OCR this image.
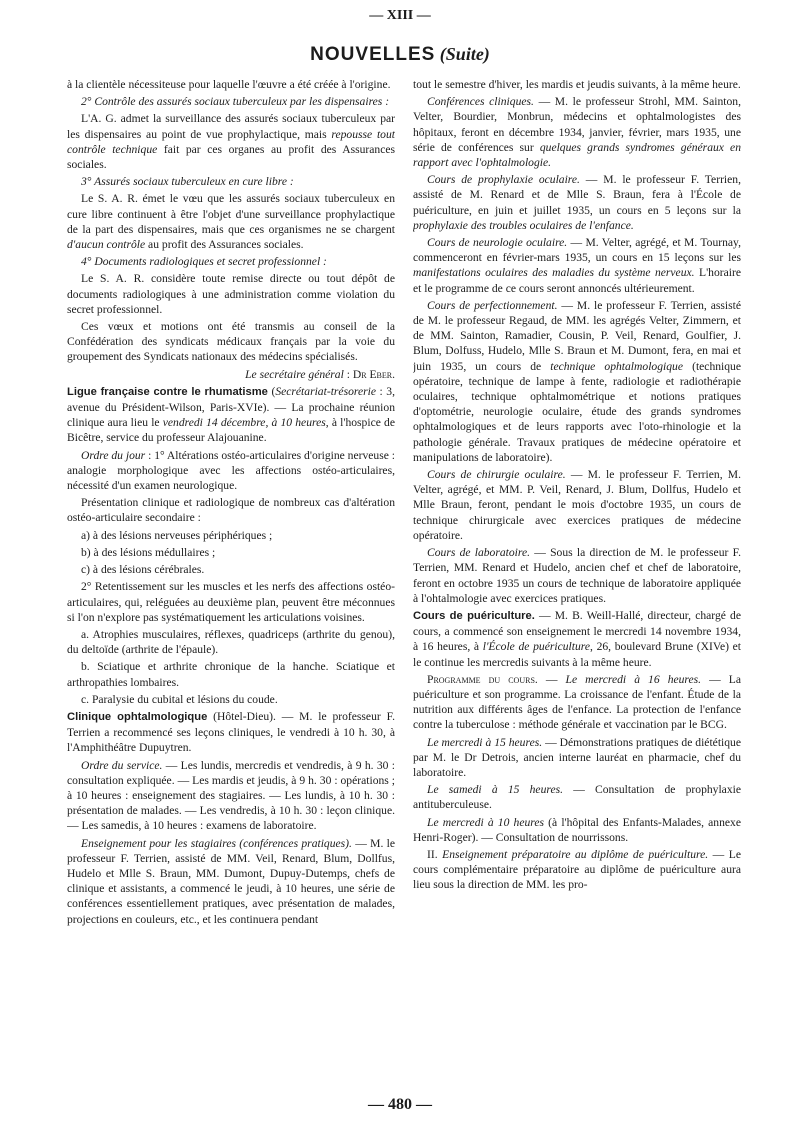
— XIII —
NOUVELLES (Suite)

à la clientèle nécessiteuse pour laquelle l'œuvre a été créée à l'origine.

2° Contrôle des assurés sociaux tuberculeux par les dispensaires :

L'A. G. admet la surveillance des assurés sociaux tuberculeux par les dispensaires au point de vue prophylactique, mais repousse tout contrôle technique fait par ces organes au profit des Assurances sociales.

3° Assurés sociaux tuberculeux en cure libre :

Le S. A. R. émet le vœu que les assurés sociaux tuberculeux en cure libre continuent à être l'objet d'une surveillance prophylactique de la part des dispensaires, mais que ces organismes ne se chargent d'aucun contrôle au profit des Assurances sociales.

4° Documents radiologiques et secret professionnel :

Le S. A. R. considère toute remise directe ou tout dépôt de documents radiologiques à une administration comme violation du secret professionnel.

Ces vœux et motions ont été transmis au conseil de la Confédération des syndicats médicaux français par la voie du groupement des Syndicats nationaux des médecins spécialisés.

Le secrétaire général : Dr Eber.

Ligue française contre le rhumatisme (Secrétariat-trésorerie : 3, avenue du Président-Wilson, Paris-XVIe). — La prochaine réunion clinique aura lieu le vendredi 14 décembre, à 10 heures, à l'hospice de Bicêtre, service du professeur Alajouanine.

Ordre du jour : 1° Altérations ostéo-articulaires d'origine nerveuse : analogie morphologique avec les affections ostéo-articulaires, nécessité d'un examen neurologique.

Présentation clinique et radiologique de nombreux cas d'altération ostéo-articulaire secondaire :

a) à des lésions nerveuses périphériques ;

b) à des lésions médullaires ;

c) à des lésions cérébrales.

2° Retentissement sur les muscles et les nerfs des affections ostéo-articulaires, qui, reléguées au deuxième plan, peuvent être méconnues si l'on n'explore pas systématiquement les articulations voisines.

a. Atrophies musculaires, réflexes, quadriceps (arthrite du genou), du deltoïde (arthrite de l'épaule).

b. Sciatique et arthrite chronique de la hanche. Sciatique et arthropathies lombaires.

c. Paralysie du cubital et lésions du coude.

Clinique ophtalmologique (Hôtel-Dieu). — M. le professeur F. Terrien a recommencé ses leçons cliniques, le vendredi à 10 h. 30, à l'Amphithéâtre Dupuytren.

Ordre du service. — Les lundis, mercredis et vendredis, à 9 h. 30 : consultation expliquée. — Les mardis et jeudis, à 9 h. 30 : opérations ; à 10 heures : enseignement des stagiaires. — Les lundis, à 10 h. 30 : présentation de malades. — Les vendredis, à 10 h. 30 : leçon clinique. — Les samedis, à 10 heures : examens de laboratoire.

Enseignement pour les stagiaires (conférences pratiques). — M. le professeur F. Terrien, assisté de MM. Veil, Renard, Blum, Dollfus, Hudelo et Mlle S. Braun, MM. Dumont, Dupuy-Dutemps, chefs de clinique et assistants, a commencé le jeudi, à 10 heures, une série de conférences essentiellement pratiques, avec présentation de malades, projections en couleurs, etc., et les continuera pendant

tout le semestre d'hiver, les mardis et jeudis suivants, à la même heure.

Conférences cliniques. — M. le professeur Strohl, MM. Sainton, Velter, Bourdier, Monbrun, médecins et ophtalmologistes des hôpitaux, feront en décembre 1934, janvier, février, mars 1935, une série de conférences sur quelques grands syndromes généraux en rapport avec l'ophtalmologie.

Cours de prophylaxie oculaire. — M. le professeur F. Terrien, assisté de M. Renard et de Mlle S. Braun, fera à l'École de puériculture, en juin et juillet 1935, un cours en 5 leçons sur la prophylaxie des troubles oculaires de l'enfance.

Cours de neurologie oculaire. — M. Velter, agrégé, et M. Tournay, commenceront en février-mars 1935, un cours en 15 leçons sur les manifestations oculaires des maladies du système nerveux. L'horaire et le programme de ce cours seront annoncés ultérieurement.

Cours de perfectionnement. — M. le professeur F. Terrien, assisté de M. le professeur Regaud, de MM. les agrégés Velter, Zimmern, et de MM. Sainton, Ramadier, Cousin, P. Veil, Renard, Goulfier, J. Blum, Dolfuss, Hudelo, Mlle S. Braun et M. Dumont, fera, en mai et juin 1935, un cours de technique ophtalmologique (technique opératoire, technique de lampe à fente, radiologie et radiothérapie oculaires, technique ophtalmométrique et notions pratiques d'optométrie, neurologie oculaire, étude des grands syndromes ophtalmologiques et de leurs rapports avec l'oto-rhinologie et la pathologie générale. Travaux pratiques de médecine opératoire et manipulations de laboratoire).

Cours de chirurgie oculaire. — M. le professeur F. Terrien, M. Velter, agrégé, et MM. P. Veil, Renard, J. Blum, Dollfus, Hudelo et Mlle Braun, feront, pendant le mois d'octobre 1935, un cours de technique chirurgicale avec exercices pratiques de médecine opératoire.

Cours de laboratoire. — Sous la direction de M. le professeur F. Terrien, MM. Renard et Hudelo, ancien chef et chef de laboratoire, feront en octobre 1935 un cours de technique de laboratoire appliquée à l'ohtalmologie avec exercices pratiques.

Cours de puériculture. — M. B. Weill-Hallé, directeur, chargé de cours, a commencé son enseignement le mercredi 14 novembre 1934, à 16 heures, à l'École de puériculture, 26, boulevard Brune (XIVe) et le continue les mercredis suivants à la même heure.

Programme du cours. — Le mercredi à 16 heures. — La puériculture et son programme. La croissance de l'enfant. Étude de la nutrition aux différents âges de l'enfance. La protection de l'enfance contre la tuberculose : méthode générale et vaccination par le BCG.

Le mercredi à 15 heures. — Démonstrations pratiques de diététique par M. le Dr Detrois, ancien interne lauréat en pharmacie, chef du laboratoire.

Le samedi à 15 heures. — Consultation de prophylaxie antituberculeuse.

Le mercredi à 10 heures (à l'hôpital des Enfants-Malades, annexe Henri-Roger). — Consultation de nourrissons.

II. Enseignement préparatoire au diplôme de puériculture. — Le cours complémentaire préparatoire au diplôme de puériculture aura lieu sous la direction de MM. les pro-

— 480 —
